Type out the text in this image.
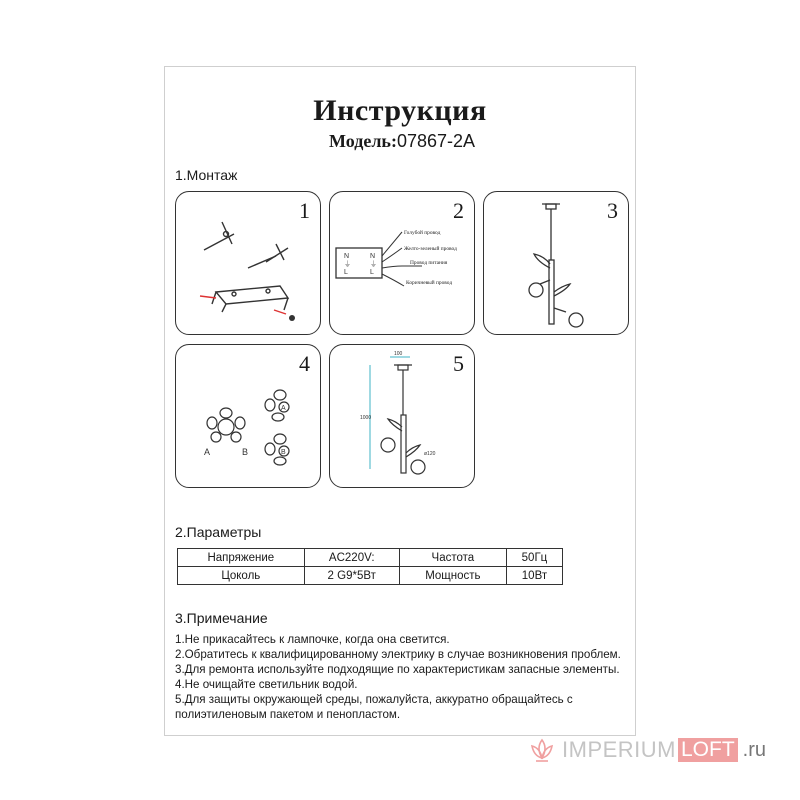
Инструкция
Модель:07867-2A
1.Монтаж
1	2
N
⏚
L
N
⏚
L
Голубой провод
Желто-зеленый провод
Провод питания
Коричневый провод
3
4
A	B
A
B
5
100
1000
ø120
2.Параметры
Напряжение	AC220V:	Частота	50Гц
Цоколь	2 G9*5Вт	Мощность	10Вт
3.Примечание
1.Не прикасайтесь к лампочке, когда она светится.
2.Обратитесь к квалифицированному электрику в случае возникновения проблем.
3.Для ремонта используйте подходящие по характеристикам запасные элементы.
4.Не очищайте светильник водой.
5.Для защиты окружающей среды, пожалуйста, аккуратно обращайтесь с
полиэтиленовым пакетом и пенопластом.
IMPERIUM LOFT .ru
